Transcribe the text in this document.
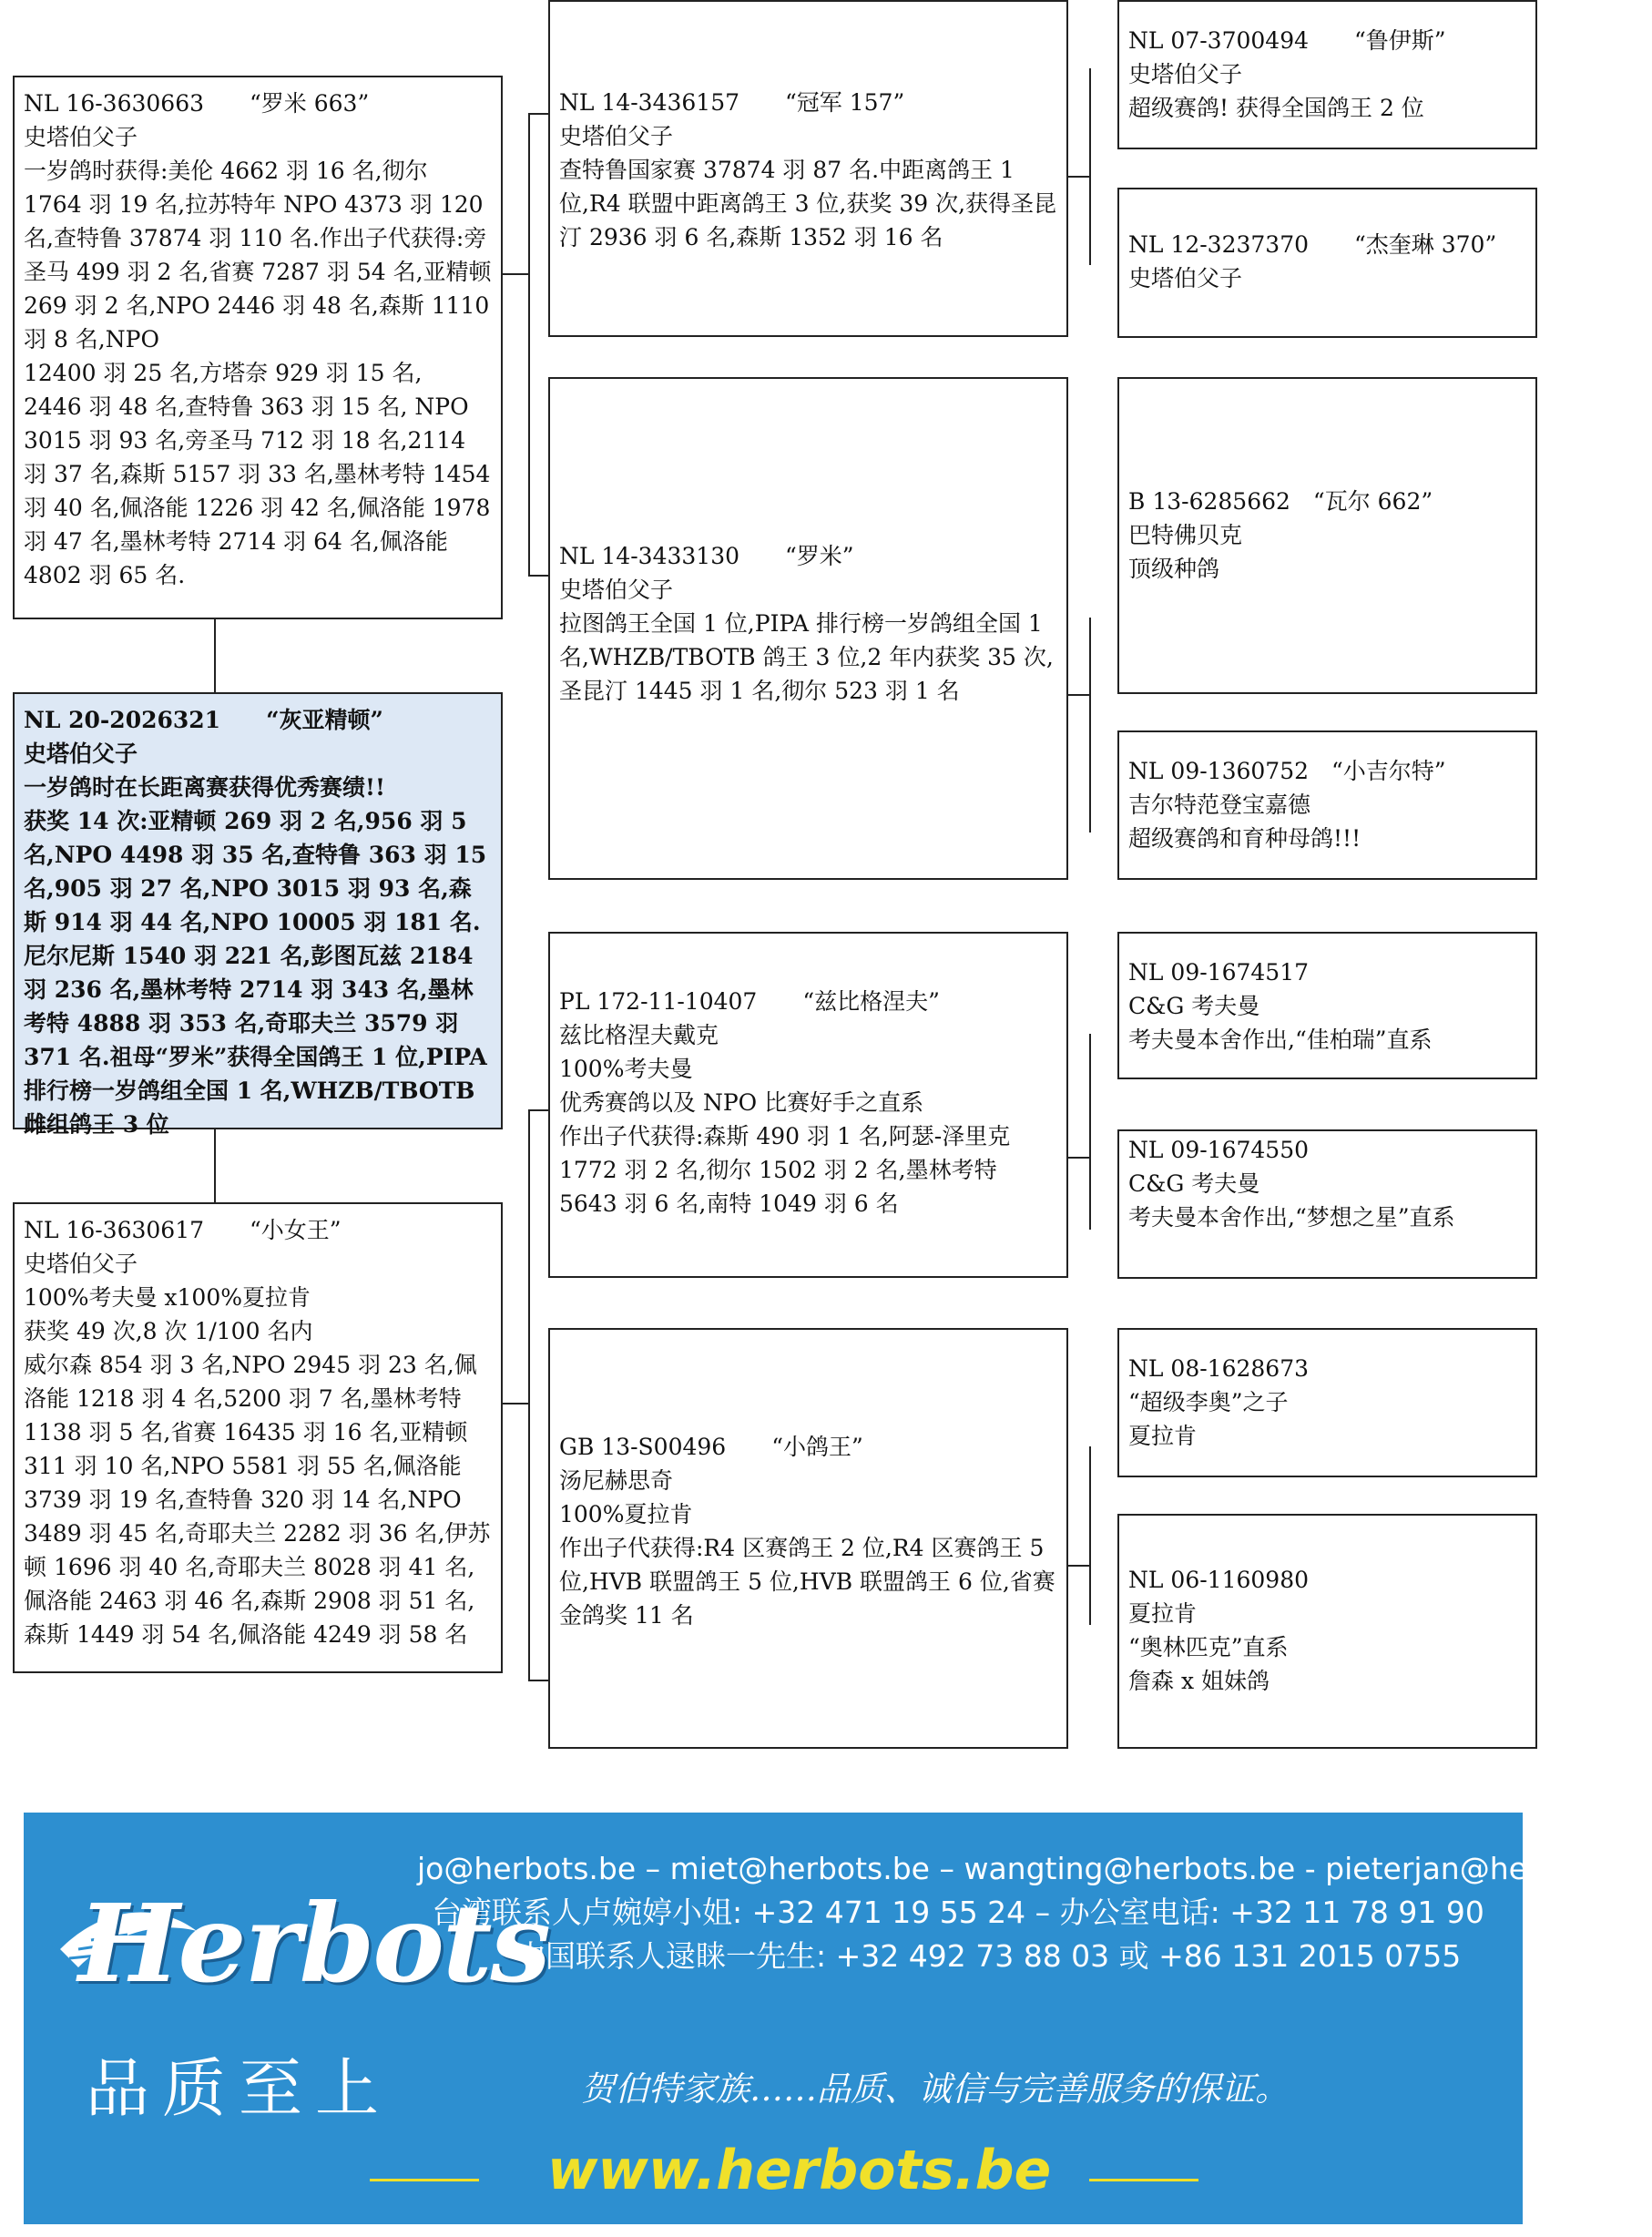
NL 16-3630663　　“罗米 663”
史塔伯父子
一岁鸽时获得:美伦 4662 羽 16 名,彻尔 1764 羽 19 名,拉苏特年 NPO 4373 羽 120 名,查特鲁 37874 羽 110 名.作出子代获得:旁圣马 499 羽 2 名,省赛 7287 羽 54 名,亚精顿 269 羽 2 名,NPO 2446 羽 48 名,森斯 1110 羽 8 名,NPO
12400 羽 25 名,方塔奈 929 羽 15 名,
2446 羽 48 名,查特鲁 363 羽 15 名, NPO 3015 羽 93 名,旁圣马 712 羽 18 名,2114 羽 37 名,森斯 5157 羽 33 名,墨林考特 1454 羽 40 名,佩洛能 1226 羽 42 名,佩洛能 1978 羽 47 名,墨林考特 2714 羽 64 名,佩洛能 4802 羽 65 名.
NL 20-2026321　　“灰亚精顿”
史塔伯父子
一岁鸽时在长距离赛获得优秀赛绩!!
获奖 14 次:亚精顿 269 羽 2 名,956 羽 5 名,NPO 4498 羽 35 名,查特鲁 363 羽 15 名,905 羽 27 名,NPO 3015 羽 93 名,森斯 914 羽 44 名,NPO 10005 羽 181 名.尼尔尼斯 1540 羽 221 名,彭图瓦兹 2184 羽 236 名,墨林考特 2714 羽 343 名,墨林考特 4888 羽 353 名,奇耶夫兰 3579 羽 371 名.祖母“罗米”获得全国鸽王 1 位,PIPA 排行榜一岁鸽组全国 1 名,WHZB/TBOTB 雌组鸽王 3 位
NL 16-3630617　　“小女王”
史塔伯父子
100%考夫曼 x100%夏拉肯
获奖 49 次,8 次 1/100 名内
威尔森 854 羽 3 名,NPO 2945 羽 23 名,佩洛能 1218 羽 4 名,5200 羽 7 名,墨林考特 1138 羽 5 名,省赛 16435 羽 16 名,亚精顿 311 羽 10 名,NPO 5581 羽 55 名,佩洛能 3739 羽 19 名,查特鲁 320 羽 14 名,NPO 3489 羽 45 名,奇耶夫兰 2282 羽 36 名,伊苏顿 1696 羽 40 名,奇耶夫兰 8028 羽 41 名,佩洛能 2463 羽 46 名,森斯 2908 羽 51 名,森斯 1449 羽 54 名,佩洛能 4249 羽 58 名
NL 14-3436157　　“冠军 157”
史塔伯父子
查特鲁国家赛 37874 羽 87 名.中距离鸽王 1 位,R4 联盟中距离鸽王 3 位,获奖 39 次,获得圣昆汀 2936 羽 6 名,森斯 1352 羽 16 名
NL 14-3433130　　“罗米”
史塔伯父子
拉图鸽王全国 1 位,PIPA 排行榜一岁鸽组全国 1 名,WHZB/TBOTB 鸽王 3 位,2 年内获奖 35 次,圣昆汀 1445 羽 1 名,彻尔 523 羽 1 名
PL 172-11-10407　　“兹比格涅夫”
兹比格涅夫戴克
100%考夫曼
优秀赛鸽以及 NPO 比赛好手之直系
作出子代获得:森斯 490 羽 1 名,阿瑟-泽里克 1772 羽 2 名,彻尔 1502 羽 2 名,墨林考特 5643 羽 6 名,南特 1049 羽 6 名
GB 13-S00496　　“小鸽王”
汤尼赫思奇
100%夏拉肯
作出子代获得:R4 区赛鸽王 2 位,R4 区赛鸽王 5 位,HVB 联盟鸽王 5 位,HVB 联盟鸽王 6 位,省赛金鸽奖 11 名
NL 07-3700494　　“鲁伊斯”
史塔伯父子
超级赛鸽! 获得全国鸽王 2 位
NL 12-3237370　　“杰奎琳 370”
史塔伯父子
B 13-6285662　“瓦尔 662”
巴特佛贝克
顶级种鸽
NL 09-1360752　“小吉尔特”
吉尔特范登宝嘉德
超级赛鸽和育种母鸽!!!
NL 09-1674517
C&G 考夫曼
考夫曼本舍作出,“佳柏瑞”直系
NL 09-1674550
C&G 考夫曼
考夫曼本舍作出,“梦想之星”直系
NL 08-1628673
“超级李奥”之子
夏拉肯
NL 06-1160980
夏拉肯
“奥林匹克”直系
詹森 x 姐妹鸽
Herbots
品质至上
jo@herbots.be – miet@herbots.be – wangting@herbots.be - pieterjan@herbots.be
台湾联系人卢婉婷小姐: +32 471 19 55 24 – 办公室电话: +32 11 78 91 90
中国联系人逯睐一先生: +32 492 73 88 03 或 +86 131 2015 0755
贺伯特家族……品质、诚信与完善服务的保证。
www.herbots.be
